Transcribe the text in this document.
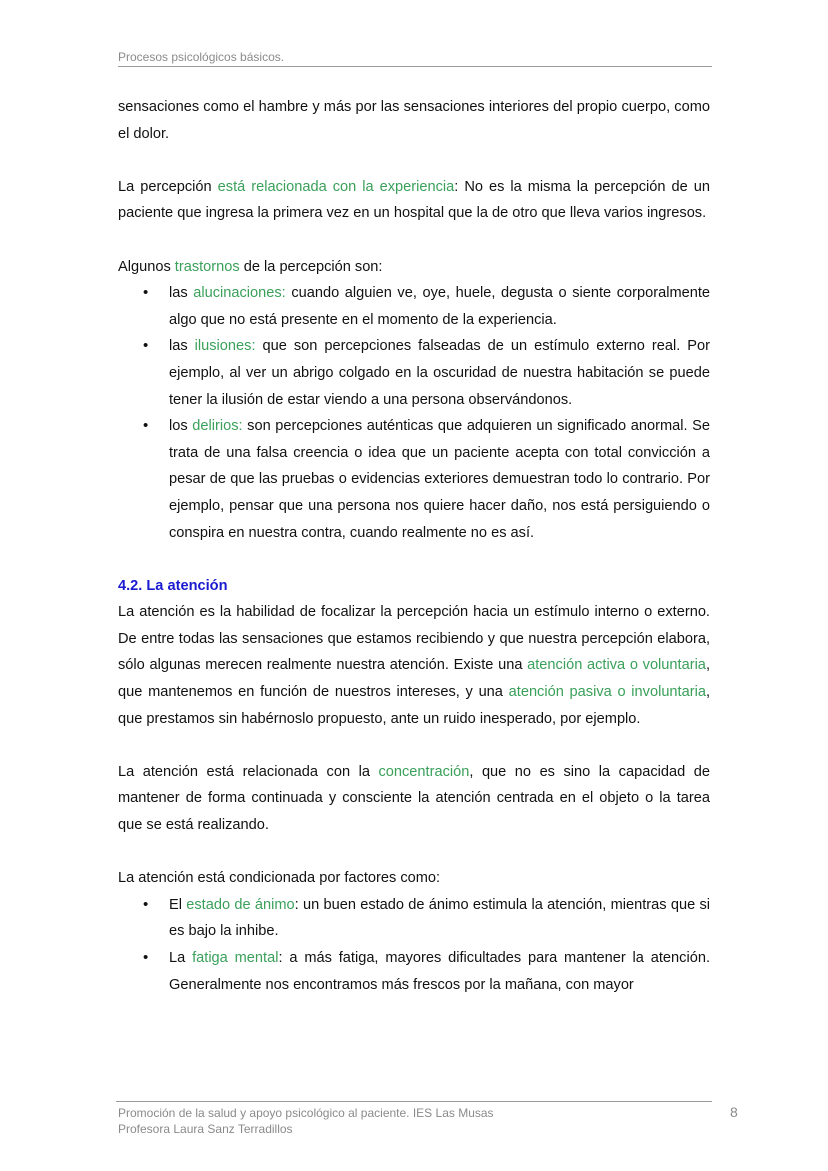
Procesos psicológicos básicos.

sensaciones como el hambre y más por las sensaciones interiores del propio cuerpo, como el dolor.

La percepción está relacionada con la experiencia: No es la misma la percepción de un paciente que ingresa la primera vez en un hospital que la de otro que lleva varios ingresos.

Algunos trastornos de la percepción son:

• las alucinaciones: cuando alguien ve, oye, huele, degusta o siente corporalmente algo que no está presente en el momento de la experiencia.
• las ilusiones: que son percepciones falseadas de un estímulo externo real. Por ejemplo, al ver un abrigo colgado en la oscuridad de nuestra habitación se puede tener la ilusión de estar viendo a una persona observándonos.
• los delirios: son percepciones auténticas que adquieren un significado anormal. Se trata de una falsa creencia o idea que un paciente acepta con total convicción a pesar de que las pruebas o evidencias exteriores demuestran todo lo contrario. Por ejemplo, pensar que una persona nos quiere hacer daño, nos está persiguiendo o conspira en nuestra contra, cuando realmente no es así.

4.2. La atención

La atención es la habilidad de focalizar la percepción hacia un estímulo interno o externo. De entre todas las sensaciones que estamos recibiendo y que nuestra percepción elabora, sólo algunas merecen realmente nuestra atención. Existe una atención activa o voluntaria, que mantenemos en función de nuestros intereses, y una atención pasiva o involuntaria, que prestamos sin habérnoslo propuesto, ante un ruido inesperado, por ejemplo.

La atención está relacionada con la concentración, que no es sino la capacidad de mantener de forma continuada y consciente la atención centrada en el objeto o la tarea que se está realizando.

La atención está condicionada por factores como:

• El estado de ánimo: un buen estado de ánimo estimula la atención, mientras que si es bajo la inhibe.
• La fatiga mental: a más fatiga, mayores dificultades para mantener la atención. Generalmente nos encontramos más frescos por la mañana, con mayor
Promoción de la salud y apoyo psicológico al paciente. IES Las Musas
Profesora Laura Sanz Terradillos
8
